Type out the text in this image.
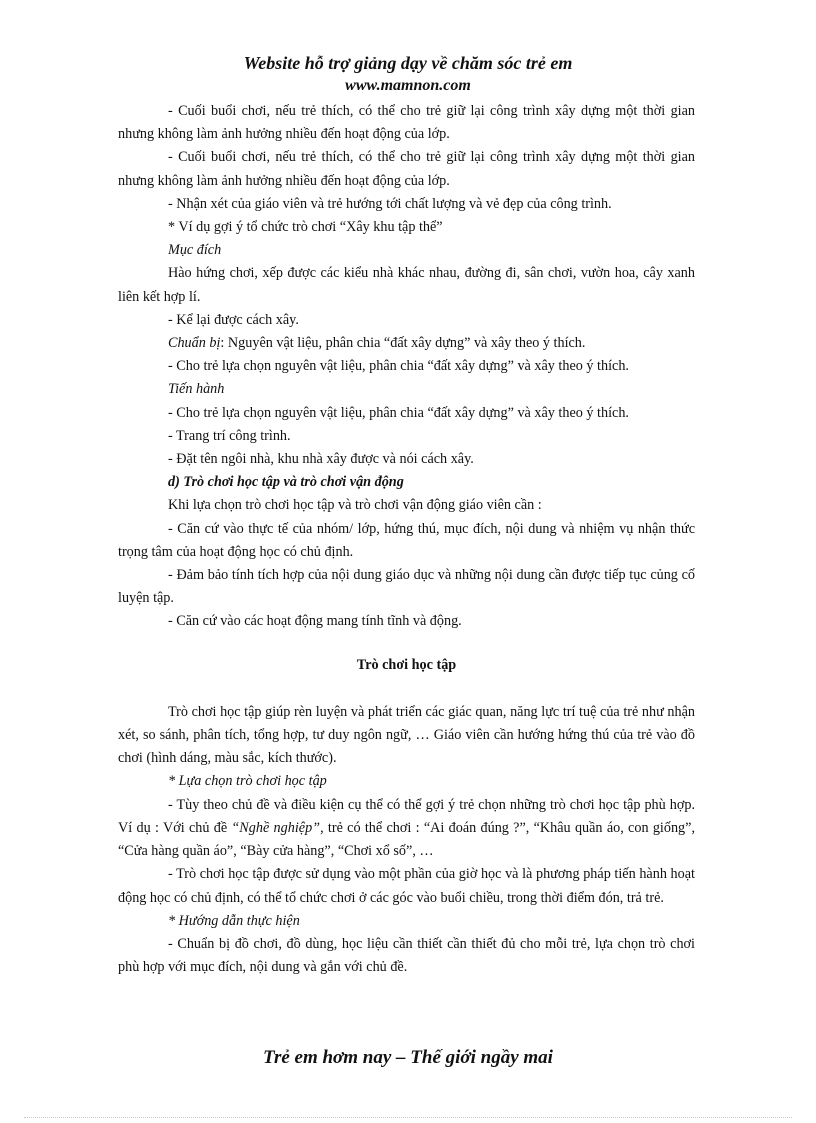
Website hỗ trợ giảng dạy về chăm sóc trẻ em
www.mamnon.com

- Cuối buổi chơi, nếu trẻ thích, có thể cho trẻ giữ lại công trình xây dựng một thời gian nhưng không làm ảnh hưởng nhiều đến hoạt động của lớp.

- Cuối buổi chơi, nếu trẻ thích, có thể cho trẻ giữ lại công trình xây dựng một thời gian nhưng không làm ảnh hưởng nhiều đến hoạt động của lớp.

- Nhận xét của giáo viên và trẻ hướng tới chất lượng và vẻ đẹp của công trình.

* Ví dụ gợi ý tổ chức trò chơi “Xây khu tập thể”

Mục đích

Hào hứng chơi, xếp được các kiểu nhà khác nhau, đường đi, sân chơi, vườn hoa, cây xanh liên kết hợp lí.

- Kể lại được cách xây.

Chuẩn bị: Nguyên vật liệu, phân chia “đất xây dựng” và xây theo ý thích.

- Cho trẻ lựa chọn nguyên vật liệu, phân chia “đất xây dựng” và xây theo ý thích.

Tiến hành

- Cho trẻ lựa chọn nguyên vật liệu, phân chia “đất xây dựng” và xây theo ý thích.

- Trang trí công trình.

- Đặt tên ngôi nhà, khu nhà xây được và nói cách xây.

d) Trò chơi học tập và trò chơi vận động

Khi lựa chọn trò chơi học tập và trò chơi vận động giáo viên cần :

- Căn cứ vào thực tế của nhóm/ lớp, hứng thú, mục đích, nội dung và nhiệm vụ nhận thức trọng tâm của hoạt động học có chủ định.

- Đảm bảo tính tích hợp của nội dung giáo dục và những nội dung cần được tiếp tục củng cố luyện tập.

- Căn cứ vào các hoạt động mang tính tĩnh và động.

Trò chơi học tập

Trò chơi học tập giúp rèn luyện và phát triển các giác quan, năng lực trí tuệ của trẻ như nhận xét, so sánh, phân tích, tổng hợp, tư duy ngôn ngữ, … Giáo viên cần hướng hứng thú của trẻ vào đồ chơi (hình dáng, màu sắc, kích thước).

* Lựa chọn trò chơi học tập

- Tùy theo chủ đề và điều kiện cụ thể có thể gợi ý trẻ chọn những trò chơi học tập phù hợp. Ví dụ : Với chủ đề “Nghề nghiệp”, trẻ có thể chơi : “Ai đoán đúng ?”, “Khâu quần áo, con giống”, “Cửa hàng quần áo”, “Bày cửa hàng”, “Chơi xổ số”, …

- Trò chơi học tập được sử dụng vào một phần của giờ học và là phương pháp tiến hành hoạt động học có chủ định, có thể tổ chức chơi ở các góc vào buổi chiều, trong thời điểm đón, trả trẻ.

* Hướng dẫn thực hiện

- Chuẩn bị đồ chơi, đồ dùng, học liệu cần thiết cần thiết đủ cho mỗi trẻ, lựa chọn trò chơi phù hợp với mục đích, nội dung và gắn với chủ đề.

Trẻ em hơm nay – Thế giới ngầy mai
